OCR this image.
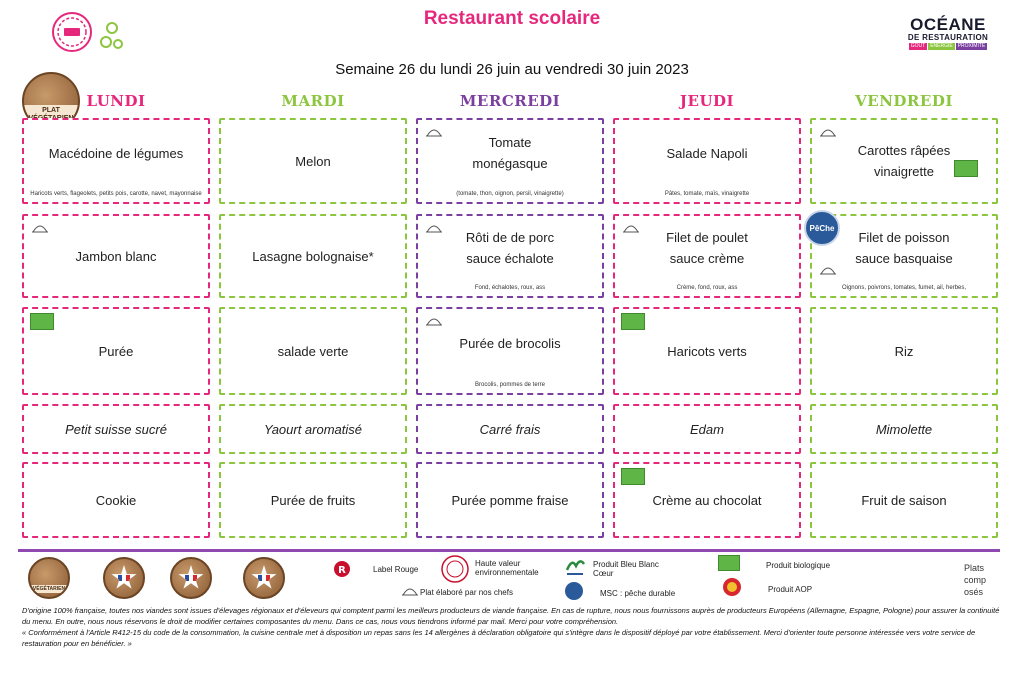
Restaurant scolaire
Semaine 26 du lundi 26 juin au vendredi 30 juin 2023
OCÉANE
DE RESTAURATION
GOÛT	ÉNERGIE	PROXIMITÉ
PLAT
LUNDI
Macédoine de légumes
Haricots verts, flageolets, petits pois, carotte, navet, mayonnaise
Jambon blanc
Purée
Petit suisse sucré
Cookie
MARDI
Melon
Lasagne bolognaise*
salade verte
Yaourt aromatisé
Purée de fruits
MERCREDI
Tomate
monégasque
(tomate, thon, oignon, persil, vinaigrette)
Rôti de de porc
sauce échalote
Fond, échalotes, roux, ass
Purée de brocolis
Brocolis, pommes de terre
Carré frais
Purée pomme fraise
JEUDI
Salade Napoli
Pâtes, tomate, maïs, vinaigrette
Filet de poulet
sauce crème
Crème, fond, roux, ass
Haricots verts
Edam
Crème au chocolat
VENDREDI
Carottes râpées
vinaigrette
Filet de poisson
sauce basquaise
Oignons, poivrons, tomates, fumet, ail, herbes,
PêChe
Riz
Mimolette
Fruit de saison
VÉGÉTARIEN
R	Label Rouge
Haute valeur
environnementale
Produit Bleu Blanc
Cœur
Produit biologique
Plat élaboré par nos chefs	MSC : pêche durable	Produit AOP
Plats
comp
osés
D'origine 100% française, toutes nos viandes sont issues d'élevages régionaux et d'éleveurs qui comptent parmi les meilleurs producteurs de viande française. En cas de rupture, nous nous fournissons auprès de producteurs Européens (Allemagne, Espagne, Pologne) pour assurer la continuité du menu. En outre, nous nous réservons le droit de modifier certaines composantes du menu. Dans ce cas, nous vous tiendrons informé par mail. Merci pour votre compréhension.
« Conformément à l'Article R412-15 du code de la consommation, la cuisine centrale met à disposition un repas sans les 14 allergènes à déclaration obligatoire qui s'intègre dans le dispositif déployé par votre établissement. Merci d'orienter toute personne intéressée vers votre service de restauration pour en bénéficier. »
